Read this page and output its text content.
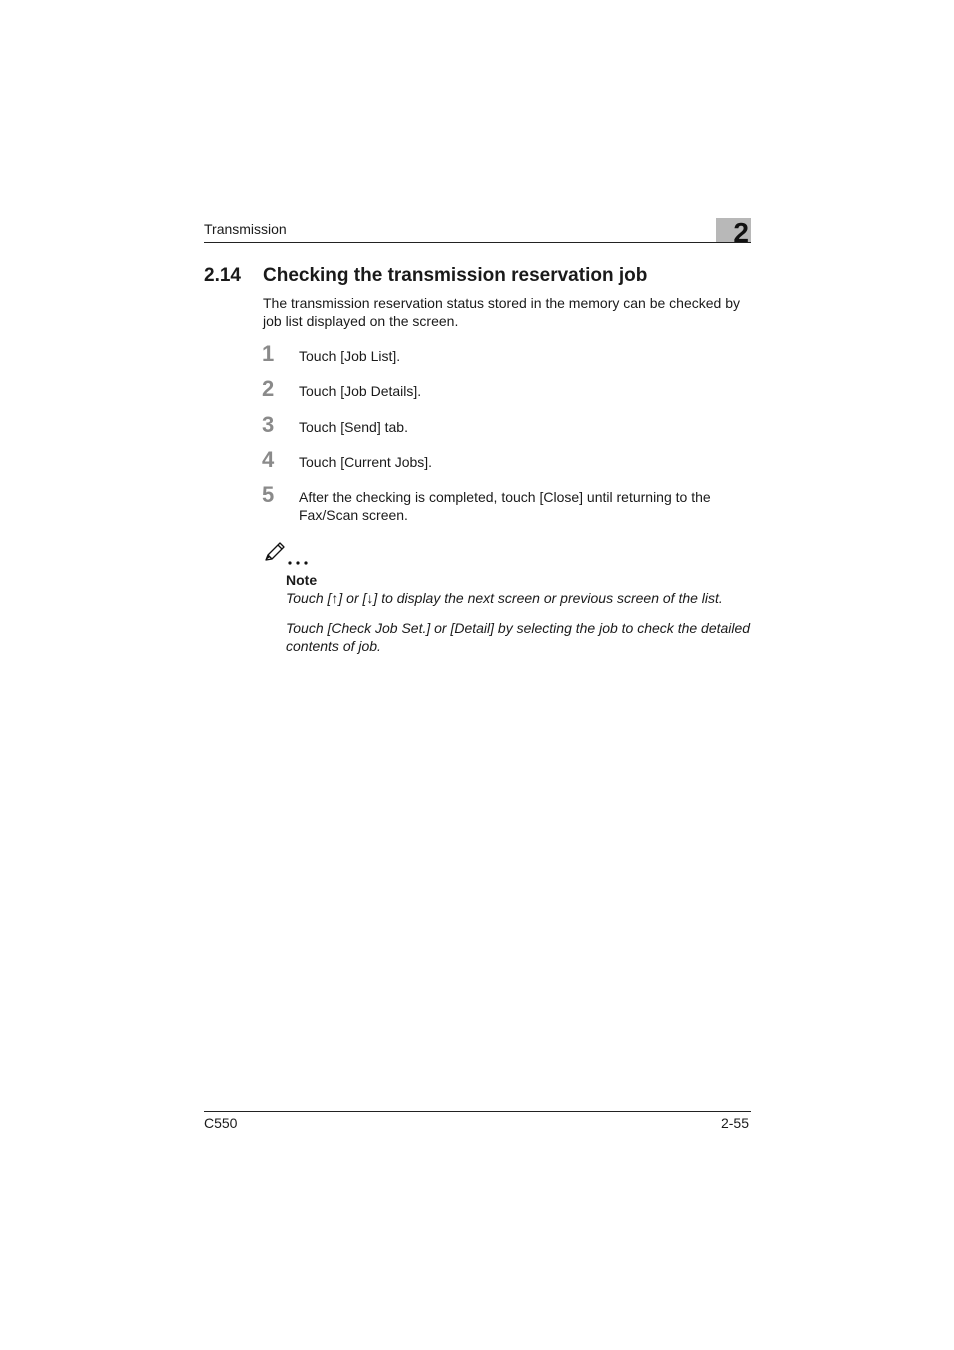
Transmission	2
2.14 Checking the transmission reservation job
The transmission reservation status stored in the memory can be checked by job list displayed on the screen.
1	Touch [Job List].
2	Touch [Job Details].
3	Touch [Send] tab.
4	Touch [Current Jobs].
5	After the checking is completed, touch [Close] until returning to the Fax/Scan screen.
Note
Touch [↑] or [↓] to display the next screen or previous screen of the list.
Touch [Check Job Set.] or [Detail] by selecting the job to check the detailed contents of job.
C550	2-55
